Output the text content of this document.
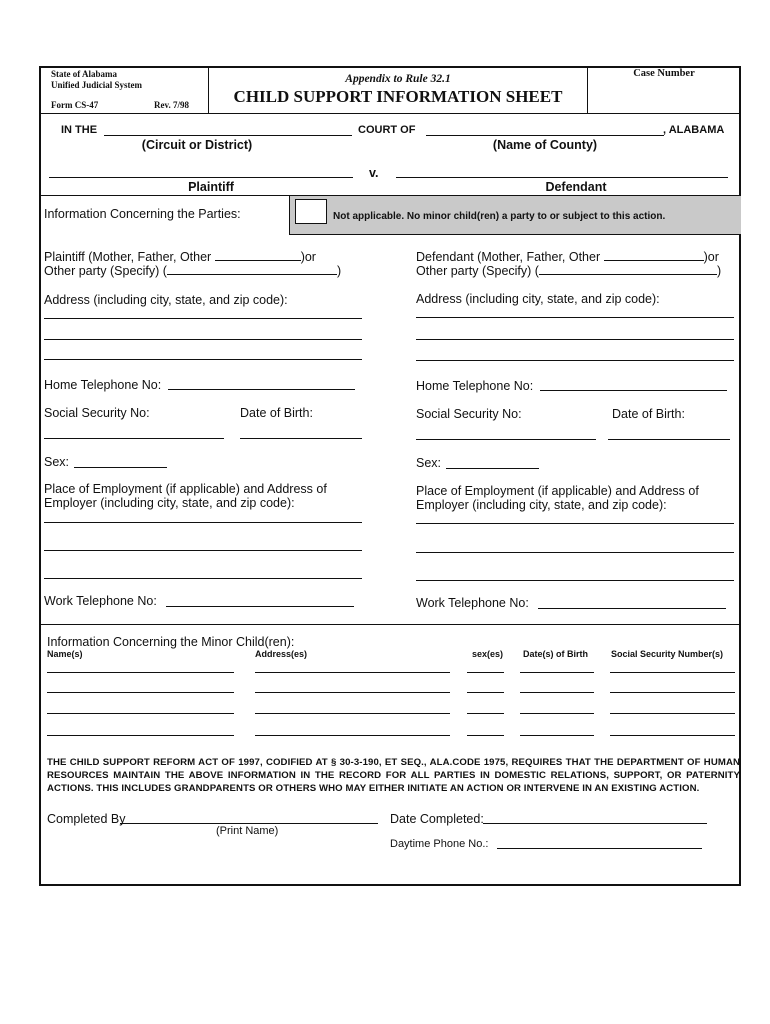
State of Alabama
Unified Judicial System
Form CS-47	Rev. 7/98
Appendix to Rule 32.1
CHILD SUPPORT INFORMATION SHEET
Case Number
IN THE	COURT OF	, ALABAMA
(Circuit or District)	(Name of County)
v.
Plaintiff	Defendant
Information Concerning the Parties:	Not applicable. No minor child(ren) a party to or subject to this action.
Plaintiff (Mother, Father, Other	)or
Other party (Specify) (	)
Address (including city, state, and zip code):
Home Telephone No:
Social Security No:	Date of Birth:
Sex:
Place of Employment (if applicable) and Address of
Employer (including city, state, and zip code):
Work Telephone No:
Defendant (Mother, Father, Other	)or
Other party (Specify) (	)
Address (including city, state, and zip code):
Home Telephone No:
Social Security No:	Date of Birth:
Sex:
Place of Employment (if applicable) and Address of
Employer (including city, state, and zip code):
Work Telephone No:
Information Concerning the Minor Child(ren):
Name(s)	Address(es)	sex(es) Date(s) of Birth	Social Security Number(s)
THE CHILD SUPPORT REFORM ACT OF 1997, CODIFIED AT § 30-3-190, ET SEQ., ALA.CODE 1975, REQUIRES THAT THE DEPARTMENT OF HUMAN RESOURCES MAINTAIN THE ABOVE INFORMATION IN THE RECORD FOR ALL PARTIES IN DOMESTIC RELATIONS, SUPPORT, OR PATERNITY ACTIONS. THIS INCLUDES GRANDPARENTS OR OTHERS WHO MAY EITHER INITIATE AN ACTION OR INTERVENE IN AN EXISTING ACTION.
Completed By
(Print Name)
Date Completed:
Daytime Phone No.:
